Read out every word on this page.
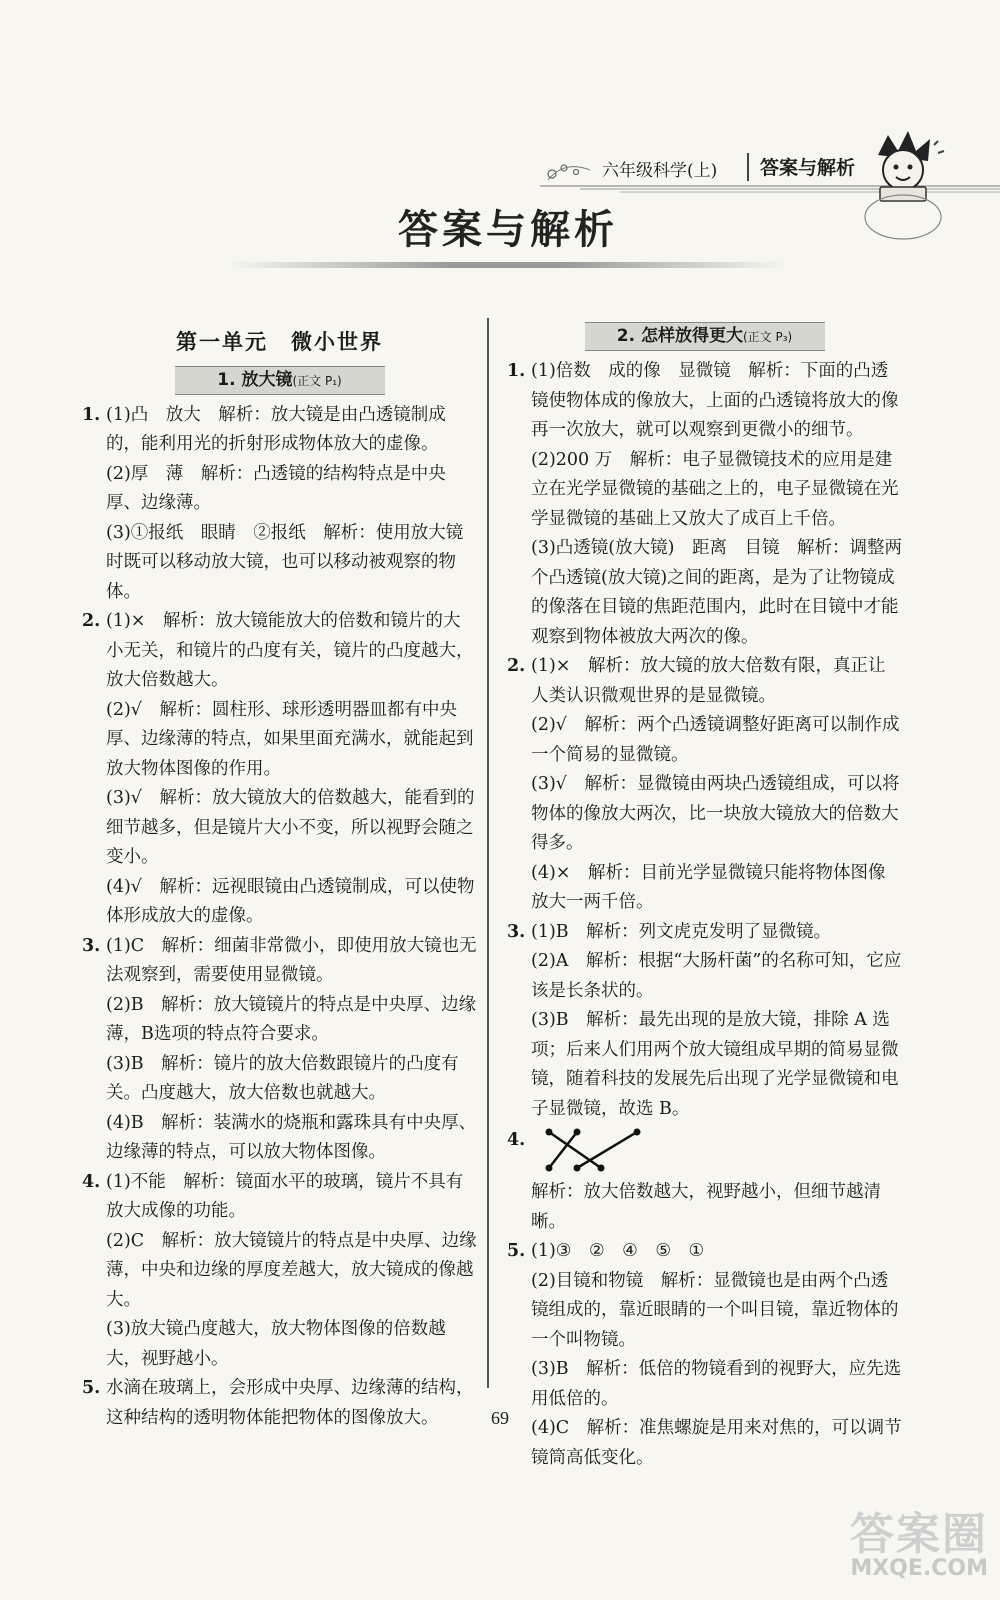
六年级科学(上) 答案与解析
答案与解析
第一单元　微小世界
1. 放大镜(正文 P₁)
1. (1)凸　放大　解析：放大镜是由凸透镜制成的，能利用光的折射形成物体放大的虚像。
(2)厚　薄　解析：凸透镜的结构特点是中央厚、边缘薄。
(3)①报纸　眼睛　②报纸　解析：使用放大镜时既可以移动放大镜，也可以移动被观察的物体。
2. (1)×　解析：放大镜能放大的倍数和镜片的大小无关，和镜片的凸度有关，镜片的凸度越大，放大倍数越大。
(2)√　解析：圆柱形、球形透明器皿都有中央厚、边缘薄的特点，如果里面充满水，就能起到放大物体图像的作用。
(3)√　解析：放大镜放大的倍数越大，能看到的细节越多，但是镜片大小不变，所以视野会随之变小。
(4)√　解析：远视眼镜由凸透镜制成，可以使物体形成放大的虚像。
3. (1)C　解析：细菌非常微小，即使用放大镜也无法观察到，需要使用显微镜。
(2)B　解析：放大镜镜片的特点是中央厚、边缘薄，B选项的特点符合要求。
(3)B　解析：镜片的放大倍数跟镜片的凸度有关。凸度越大，放大倍数也就越大。
(4)B　解析：装满水的烧瓶和露珠具有中央厚、边缘薄的特点，可以放大物体图像。
4. (1)不能　解析：镜面水平的玻璃，镜片不具有放大成像的功能。
(2)C　解析：放大镜镜片的特点是中央厚、边缘薄，中央和边缘的厚度差越大，放大镜成的像越大。
(3)放大镜凸度越大，放大物体图像的倍数越大，视野越小。
5. 水滴在玻璃上，会形成中央厚、边缘薄的结构，这种结构的透明物体能把物体的图像放大。
2. 怎样放得更大(正文 P₃)
1. (1)倍数　成的像　显微镜　解析：下面的凸透镜使物体成的像放大，上面的凸透镜将放大的像再一次放大，就可以观察到更微小的细节。
(2)200 万　解析：电子显微镜技术的应用是建立在光学显微镜的基础之上的，电子显微镜在光学显微镜的基础上又放大了成百上千倍。
(3)凸透镜(放大镜)　距离　目镜　解析：调整两个凸透镜(放大镜)之间的距离，是为了让物镜成的像落在目镜的焦距范围内，此时在目镜中才能观察到物体被放大两次的像。
2. (1)×　解析：放大镜的放大倍数有限，真正让人类认识微观世界的是显微镜。
(2)√　解析：两个凸透镜调整好距离可以制作成一个简易的显微镜。
(3)√　解析：显微镜由两块凸透镜组成，可以将物体的像放大两次，比一块放大镜放大的倍数大得多。
(4)×　解析：目前光学显微镜只能将物体图像放大一两千倍。
3. (1)B　解析：列文虎克发明了显微镜。
(2)A　解析：根据“大肠杆菌”的名称可知，它应该是长条状的。
(3)B　解析：最先出现的是放大镜，排除 A 选项；后来人们用两个放大镜组成早期的简易显微镜，随着科技的发展先后出现了光学显微镜和电子显微镜，故选 B。
4.
解析：放大倍数越大，视野越小，但细节越清晰。
5. (1)③　②　④　⑤　①
(2)目镜和物镜　解析：显微镜也是由两个凸透镜组成的，靠近眼睛的一个叫目镜，靠近物体的一个叫物镜。
(3)B　解析：低倍的物镜看到的视野大，应先选用低倍的。
(4)C　解析：准焦螺旋是用来对焦的，可以调节镜筒高低变化。
69
答案圈
MXQE.COM
